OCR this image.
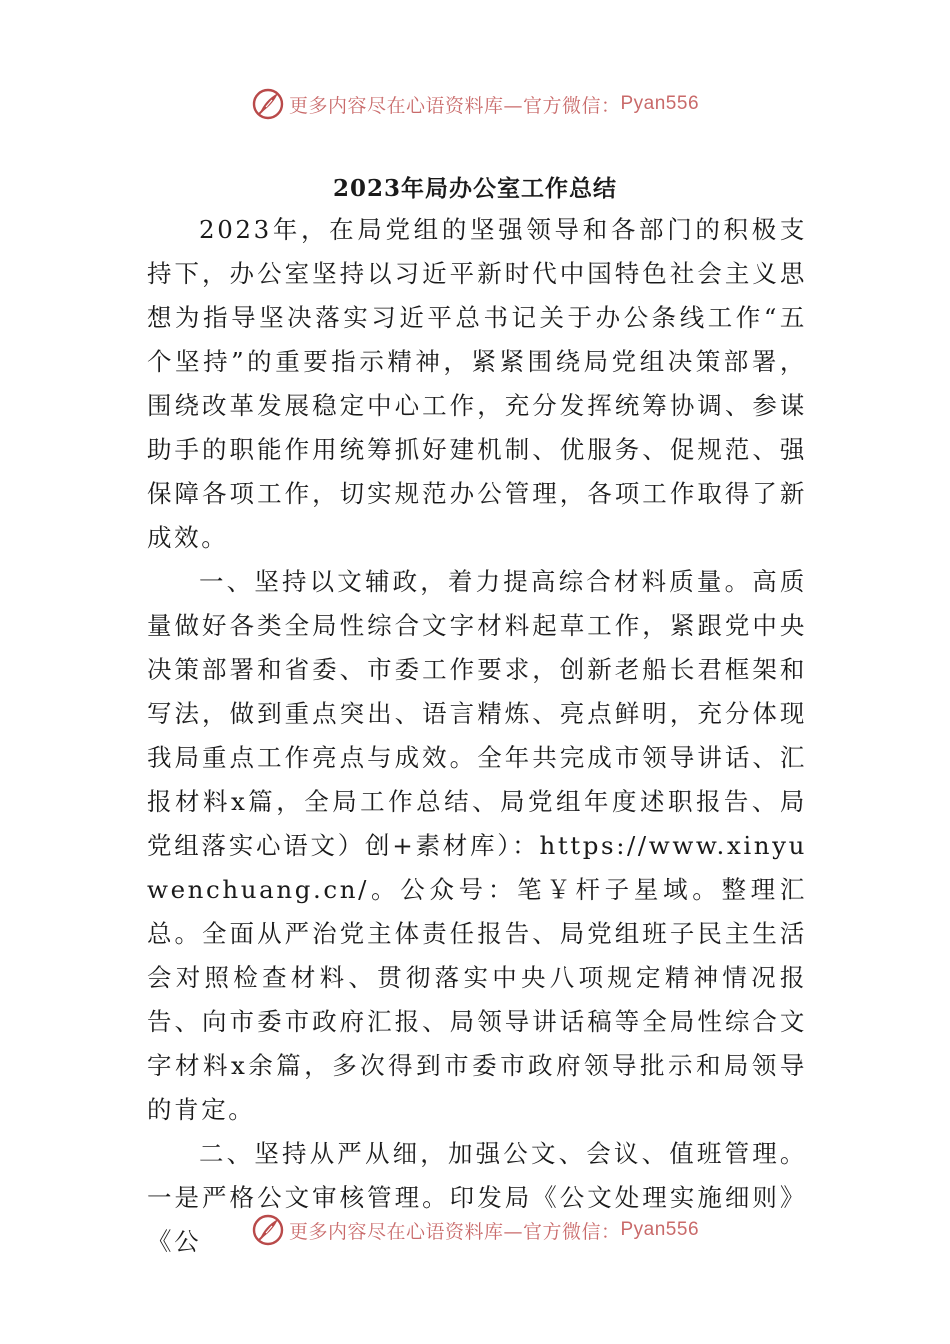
更多内容尽在心语资料库— 官方微信： Pyan556
2023年局办公室工作总结

2023年，在局党组的坚强领导和各部门的积极支持下，办公室坚持以习近平新时代中国特色社会主义思想为指导坚决落实习近平总书记关于办公条线工作“五个坚持”的重要指示精神，紧紧围绕局党组决策部署，围绕改革发展稳定中心工作，充分发挥统筹协调、参谋助手的职能作用统筹抓好建机制、优服务、促规范、强保障各项工作，切实规范办公管理，各项工作取得了新成效。

一、坚持以文辅政，着力提高综合材料质量。高质量做好各类全局性综合文字材料起草工作，紧跟党中央决策部署和省委、市委工作要求，创新老船长君框架和写法，做到重点突出、语言精炼、亮点鲜明，充分体现我局重点工作亮点与成效。全年共完成市领导讲话、汇报材料x篇，全局工作总结、局党组年度述职报告、局党组落实心语文）创+素材库）：https://www.xinyuwenchuang.cn/。公众号：笔￥杆子星域。整理汇总。全面从严治党主体责任报告、局党组班子民主生活会对照检查材料、贯彻落实中央八项规定精神情况报告、向市委市政府汇报、局领导讲话稿等全局性综合文字材料x余篇，多次得到市委市政府领导批示和局领导的肯定。

二、坚持从严从细，加强公文、会议、值班管理。一是严格公文审核管理。印发局《公文处理实施细则》《公	更多内容尽在心语资料库— 官方微信： Pyan556
